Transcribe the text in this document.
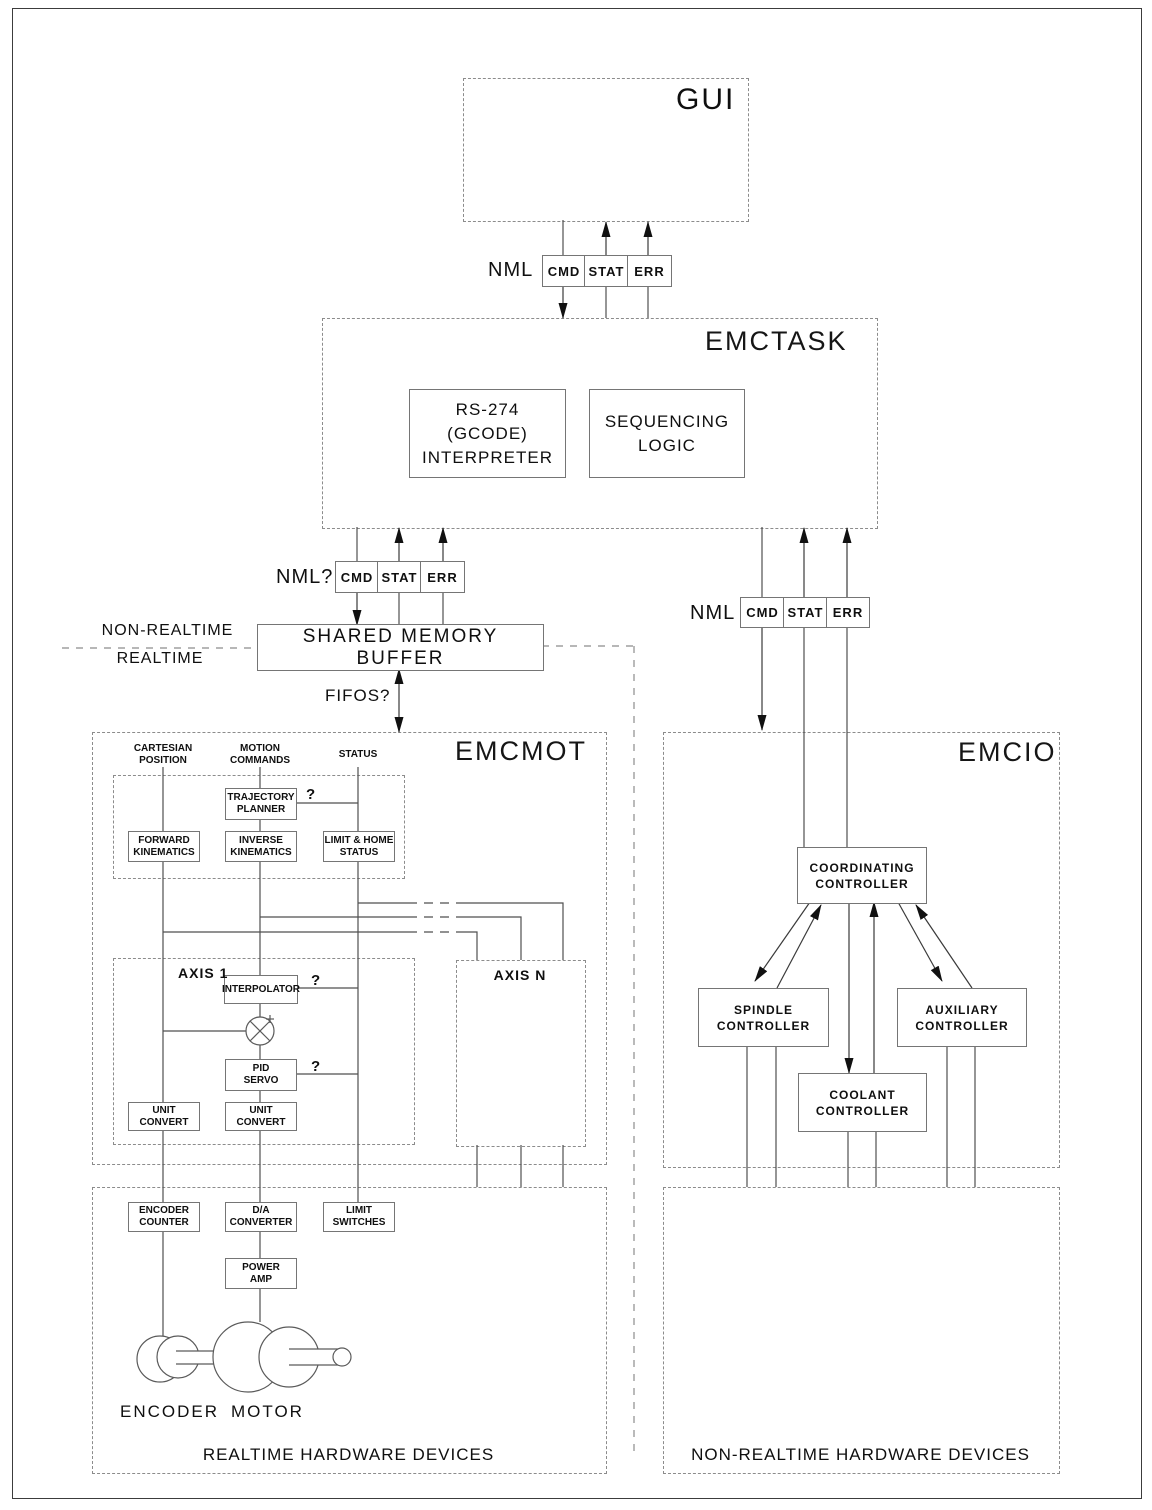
GUI
NML CMD STAT ERR
EMCTASK
RS-274
(GCODE)
INTERPRETER
SEQUENCING
LOGIC
NML? CMD STAT ERR
SHARED MEMORY BUFFER
NON-REALTIME
REALTIME
FIFOS?
EMCMOT
CARTESIAN
POSITION
MOTION
COMMANDS
STATUS
TRAJECTORY
PLANNER
?
FORWARD
KINEMATICS
INVERSE
KINEMATICS
LIMIT & HOME
STATUS
AXIS 1
INTERPOLATOR ?
PID
SERVO
?
UNIT
CONVERT
UNIT
CONVERT
AXIS N
NML CMD STAT ERR
EMCIO
COORDINATING
CONTROLLER
SPINDLE
CONTROLLER
AUXILIARY
CONTROLLER
COOLANT
CONTROLLER
ENCODER
COUNTER
D/A
CONVERTER
LIMIT
SWITCHES
POWER
AMP
ENCODER MOTOR
REALTIME HARDWARE DEVICES	NON-REALTIME HARDWARE DEVICES
